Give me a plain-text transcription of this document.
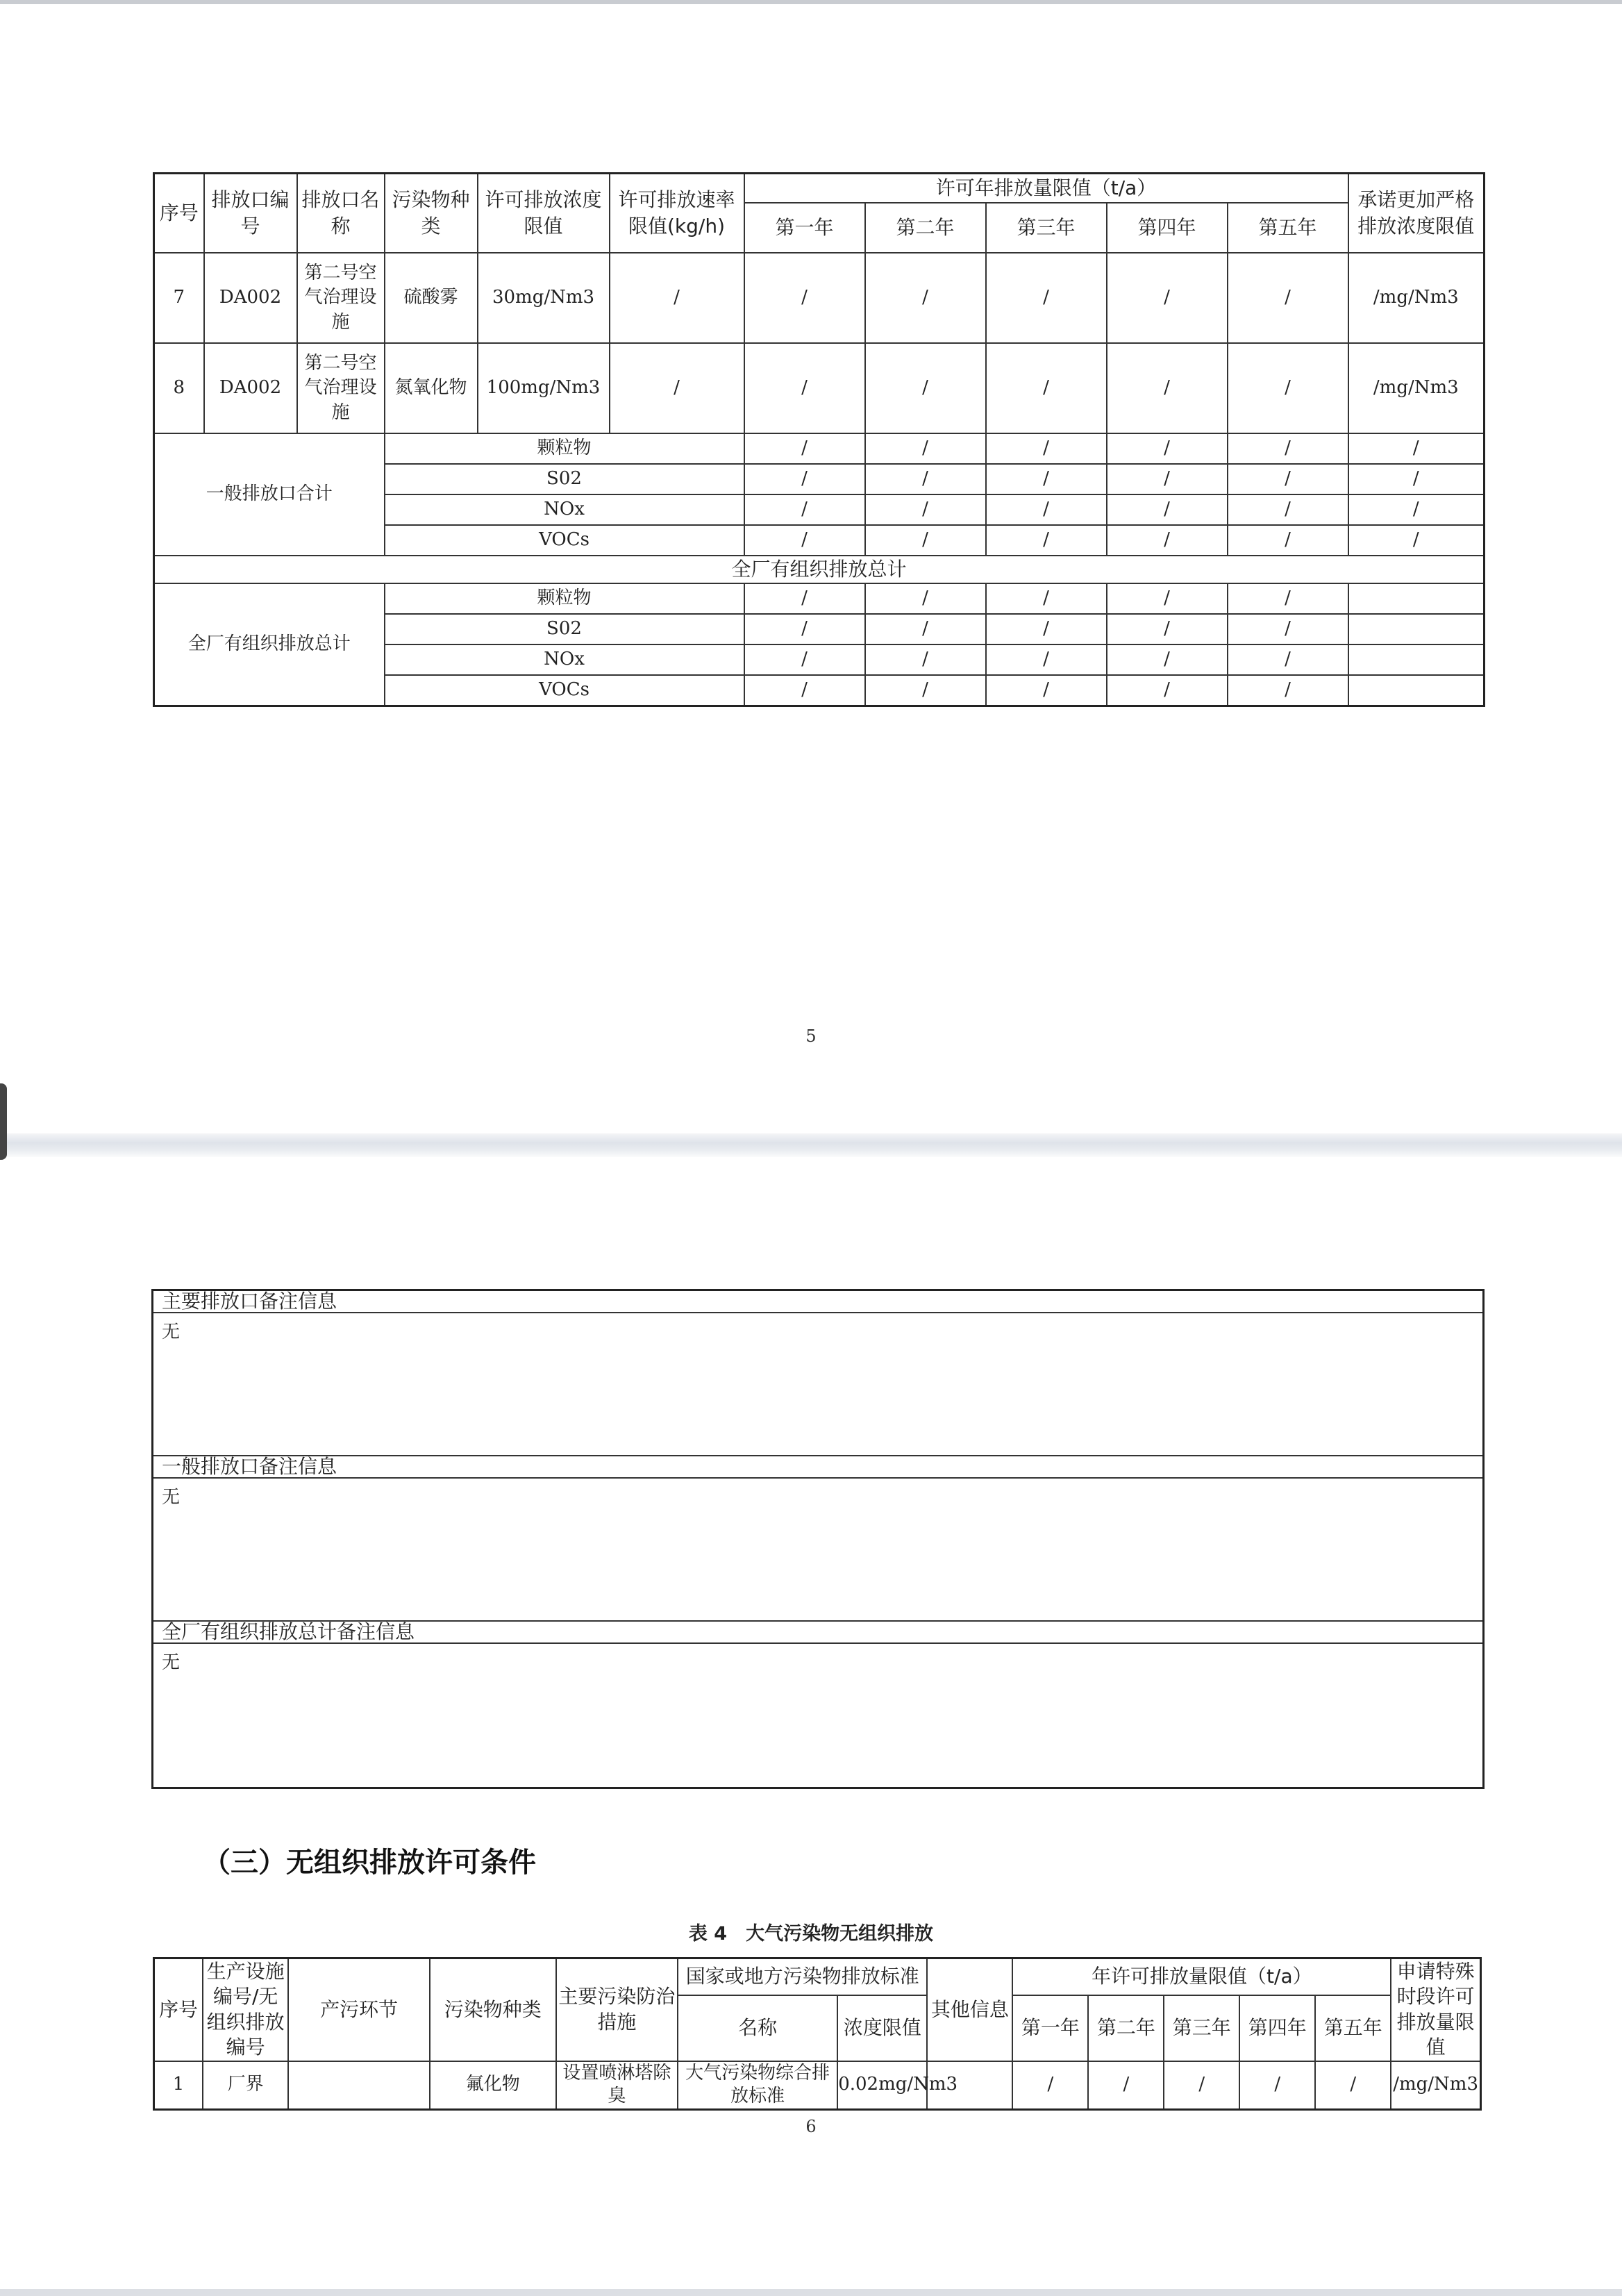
序号	排放口编号	排放口名称	污染物种类	许可排放浓度限值	许可排放速率限值(kg/h)	许可年排放量限值（t/a）					承诺更加严格排放浓度限值
						第一年	第二年	第三年	第四年	第五年	
7	DA002	第二号空气治理设施	硫酸雾	30mg/Nm3	/	/	/	/	/	/	/mg/Nm3
8	DA002	第二号空气治理设施	氮氧化物	100mg/Nm3	/	/	/	/	/	/	/mg/Nm3
一般排放口合计			颗粒物			/	/	/	/	/	/
			S02			/	/	/	/	/	/
			NOx			/	/	/	/	/	/
			VOCs			/	/	/	/	/	/
全厂有组织排放总计											
全厂有组织排放总计			颗粒物			/	/	/	/	/	
			S02			/	/	/	/	/	
			NOx			/	/	/	/	/	
			VOCs			/	/	/	/	/	
5
主要排放口备注信息
无
一般排放口备注信息
无
全厂有组织排放总计备注信息
无
（三）无组织排放许可条件
表 4　大气污染物无组织排放
序号	生产设施编号/无组织排放编号	产污环节	污染物种类	主要污染防治措施	国家或地方污染物排放标准		其他信息	年许可排放量限值（t/a）					申请特殊时段许可排放量限值
					名称	浓度限值		第一年	第二年	第三年	第四年	第五年	
1	厂界		氟化物	设置喷淋塔除臭	大气污染物综合排放标准	0.02mg/Nm3		/	/	/	/	/	/mg/Nm3
6
